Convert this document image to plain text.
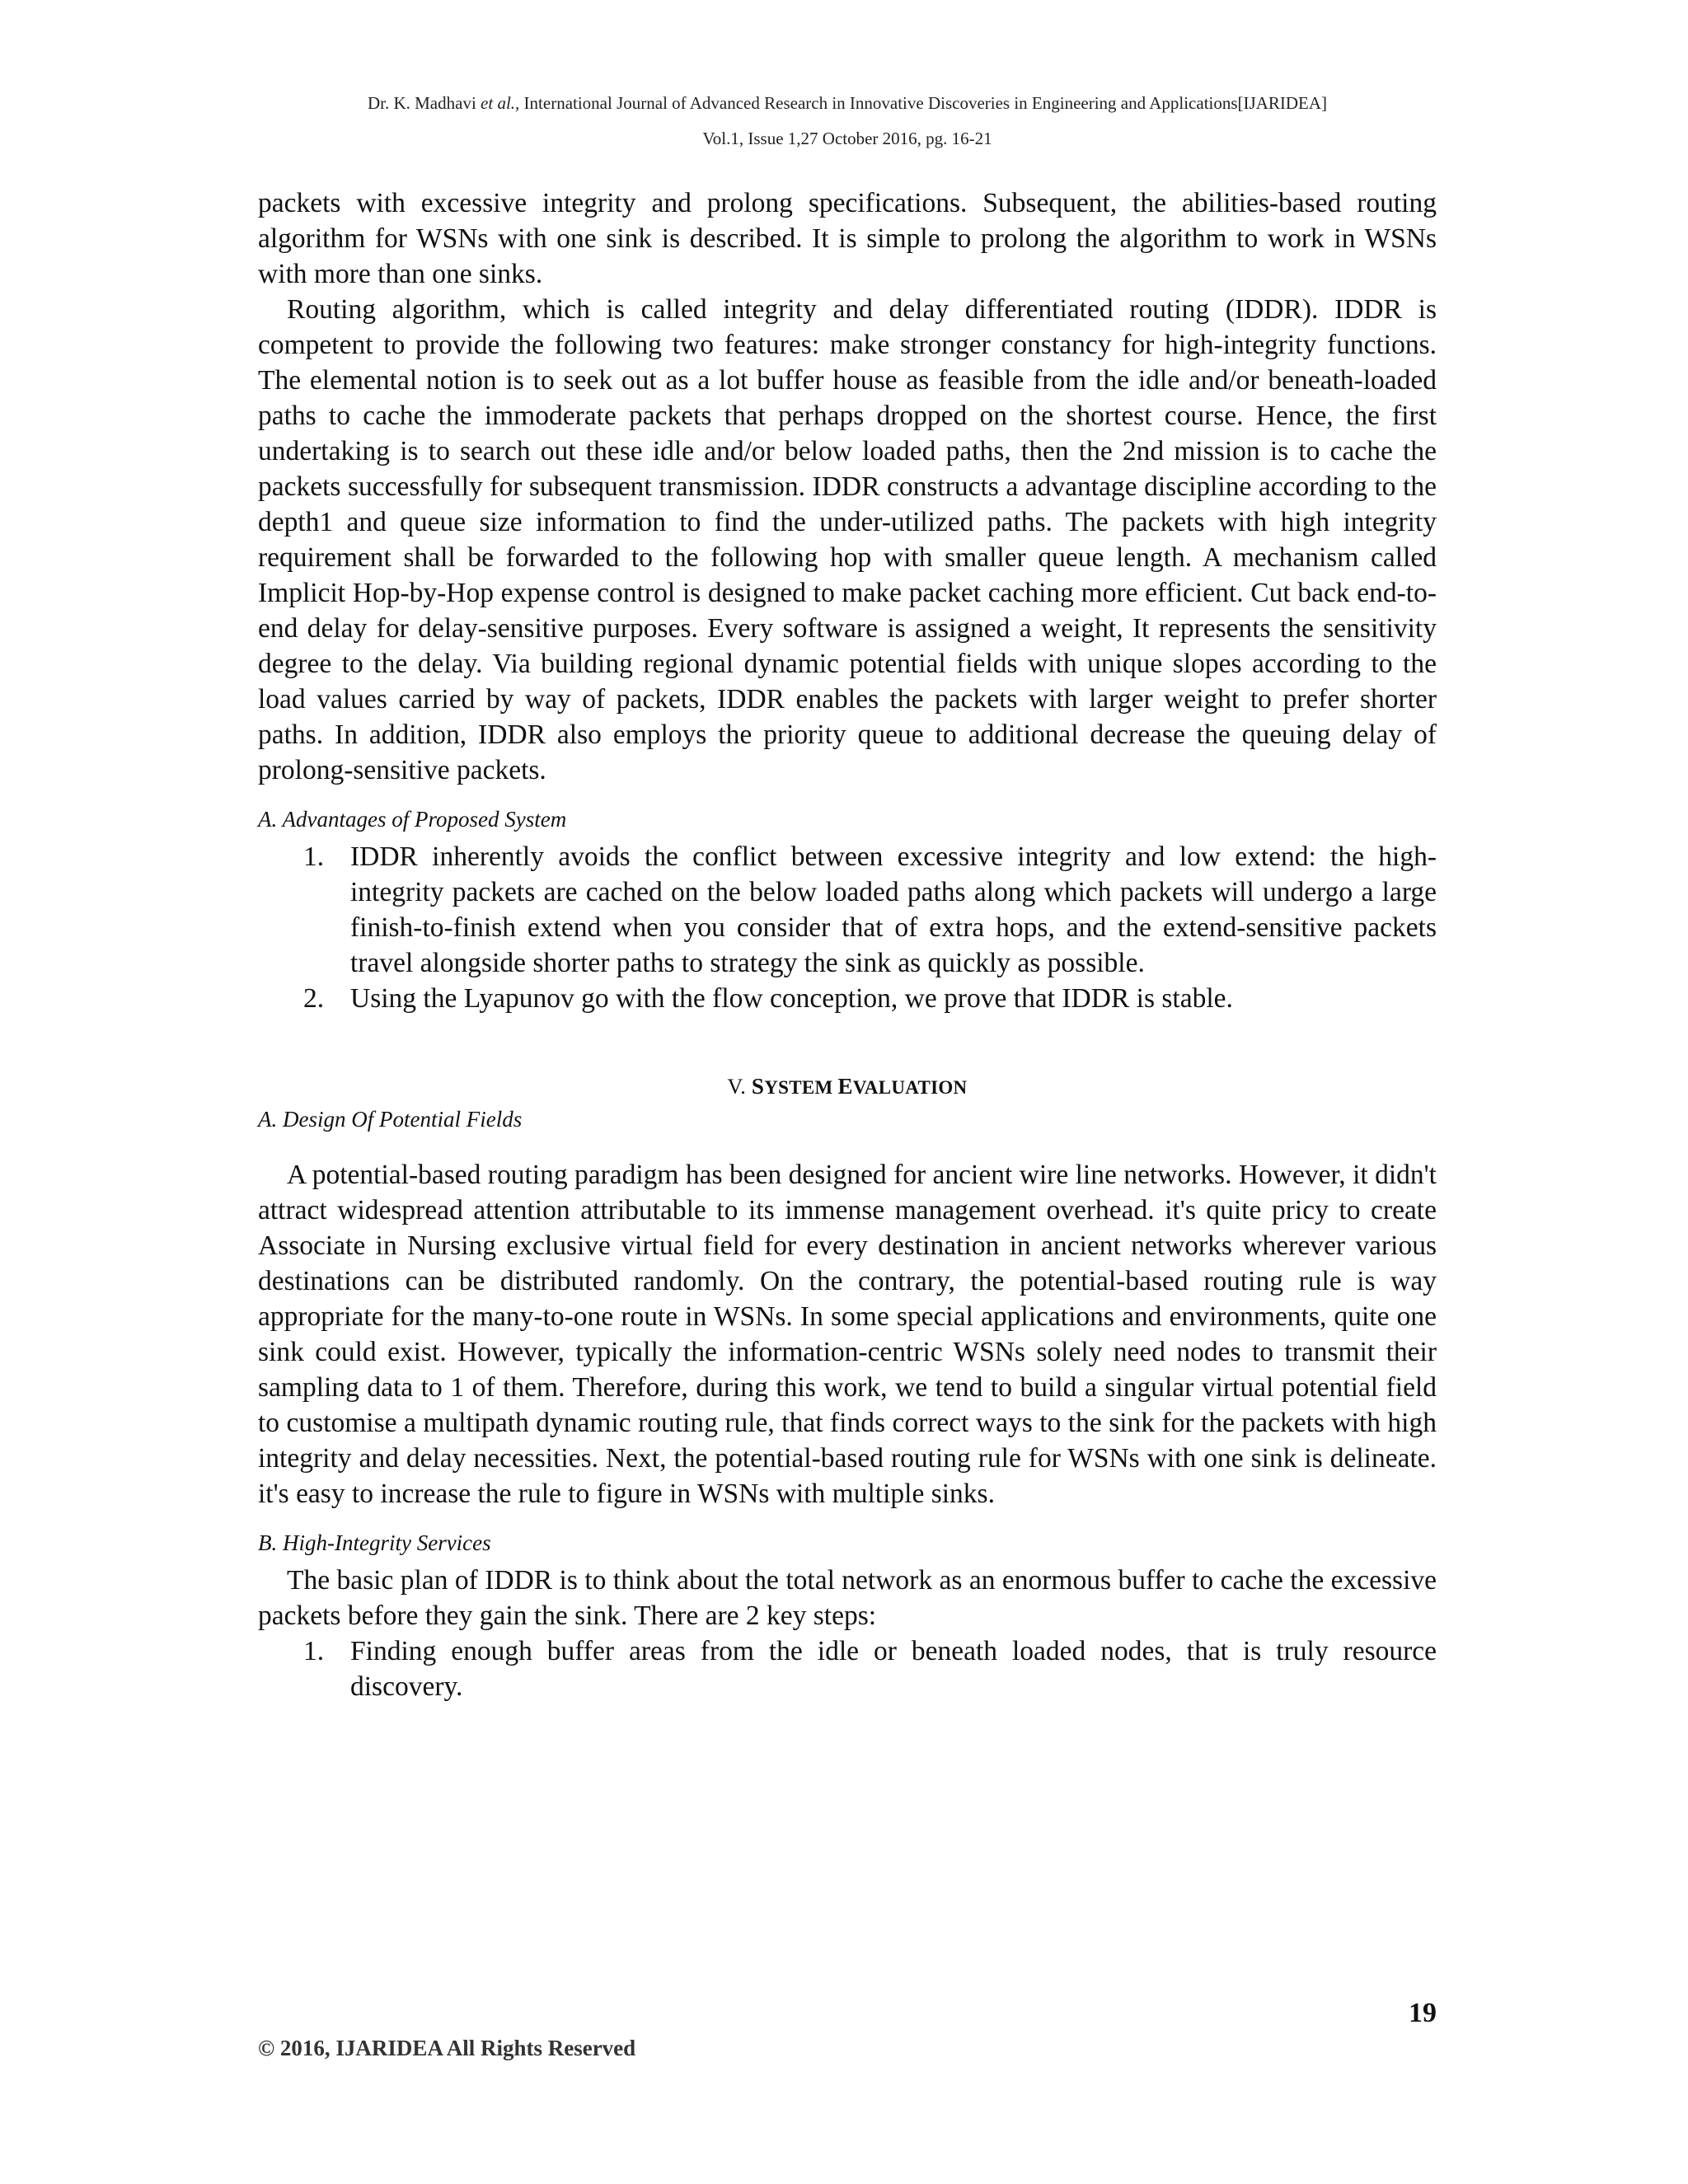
Dr. K. Madhavi et al., International Journal of Advanced Research in Innovative Discoveries in Engineering and Applications[IJARIDEA]
Vol.1, Issue 1,27 October 2016, pg. 16-21

packets with excessive integrity and prolong specifications. Subsequent, the abilities-based routing algorithm for WSNs with one sink is described. It is simple to prolong the algorithm to work in WSNs with more than one sinks.

Routing algorithm, which is called integrity and delay differentiated routing (IDDR). IDDR is competent to provide the following two features: make stronger constancy for high-integrity functions. The elemental notion is to seek out as a lot buffer house as feasible from the idle and/or beneath-loaded paths to cache the immoderate packets that perhaps dropped on the shortest course. Hence, the first undertaking is to search out these idle and/or below loaded paths, then the 2nd mission is to cache the packets successfully for subsequent transmission. IDDR constructs a advantage discipline according to the depth1 and queue size information to find the under-utilized paths. The packets with high integrity requirement shall be forwarded to the following hop with smaller queue length. A mechanism called Implicit Hop-by-Hop expense control is designed to make packet caching more efficient. Cut back end-to-end delay for delay-sensitive purposes. Every software is assigned a weight, It represents the sensitivity degree to the delay. Via building regional dynamic potential fields with unique slopes according to the load values carried by way of packets, IDDR enables the packets with larger weight to prefer shorter paths. In addition, IDDR also employs the priority queue to additional decrease the queuing delay of prolong-sensitive packets.

A. Advantages of Proposed System
1. IDDR inherently avoids the conflict between excessive integrity and low extend: the high-integrity packets are cached on the below loaded paths along which packets will undergo a large finish-to-finish extend when you consider that of extra hops, and the extend-sensitive packets travel alongside shorter paths to strategy the sink as quickly as possible.
2. Using the Lyapunov go with the flow conception, we prove that IDDR is stable.
V. SYSTEM EVALUATION
A. Design Of Potential Fields

A potential-based routing paradigm has been designed for ancient wire line networks. However, it didn't attract widespread attention attributable to its immense management overhead. it's quite pricy to create Associate in Nursing exclusive virtual field for every destination in ancient networks wherever various destinations can be distributed randomly. On the contrary, the potential-based routing rule is way appropriate for the many-to-one route in WSNs. In some special applications and environments, quite one sink could exist. However, typically the information-centric WSNs solely need nodes to transmit their sampling data to 1 of them. Therefore, during this work, we tend to build a singular virtual potential field to customise a multipath dynamic routing rule, that finds correct ways to the sink for the packets with high integrity and delay necessities. Next, the potential-based routing rule for WSNs with one sink is delineate. it's easy to increase the rule to figure in WSNs with multiple sinks.

B. High-Integrity Services

The basic plan of IDDR is to think about the total network as an enormous buffer to cache the excessive packets before they gain the sink. There are 2 key steps:

1. Finding enough buffer areas from the idle or beneath loaded nodes, that is truly resource discovery.
19
© 2016, IJARIDEA All Rights Reserved
